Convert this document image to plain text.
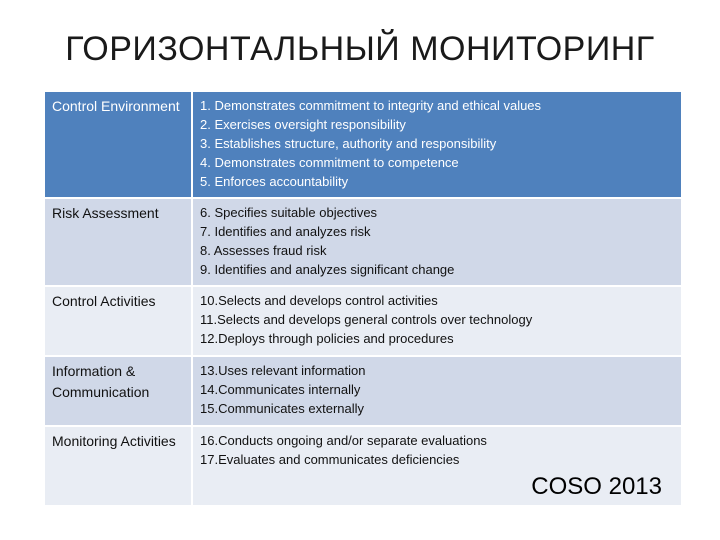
ГОРИЗОНТАЛЬНЫЙ МОНИТОРИНГ
Control Environment	1. Demonstrates commitment to integrity and ethical values
2. Exercises oversight responsibility
3. Establishes structure, authority and responsibility
4. Demonstrates commitment to competence
5. Enforces accountability

Risk Assessment	6. Specifies suitable objectives
7. Identifies and analyzes risk
8. Assesses fraud risk
9. Identifies and analyzes significant change

Control Activities	10.Selects and develops control activities
11.Selects and develops general controls over technology
12.Deploys through policies and procedures

Information & Communication	13.Uses relevant information
14.Communicates internally
15.Communicates externally

Monitoring Activities	16.Conducts ongoing and/or separate evaluations
17.Evaluates and communicates deficiencies
COSO 2013
